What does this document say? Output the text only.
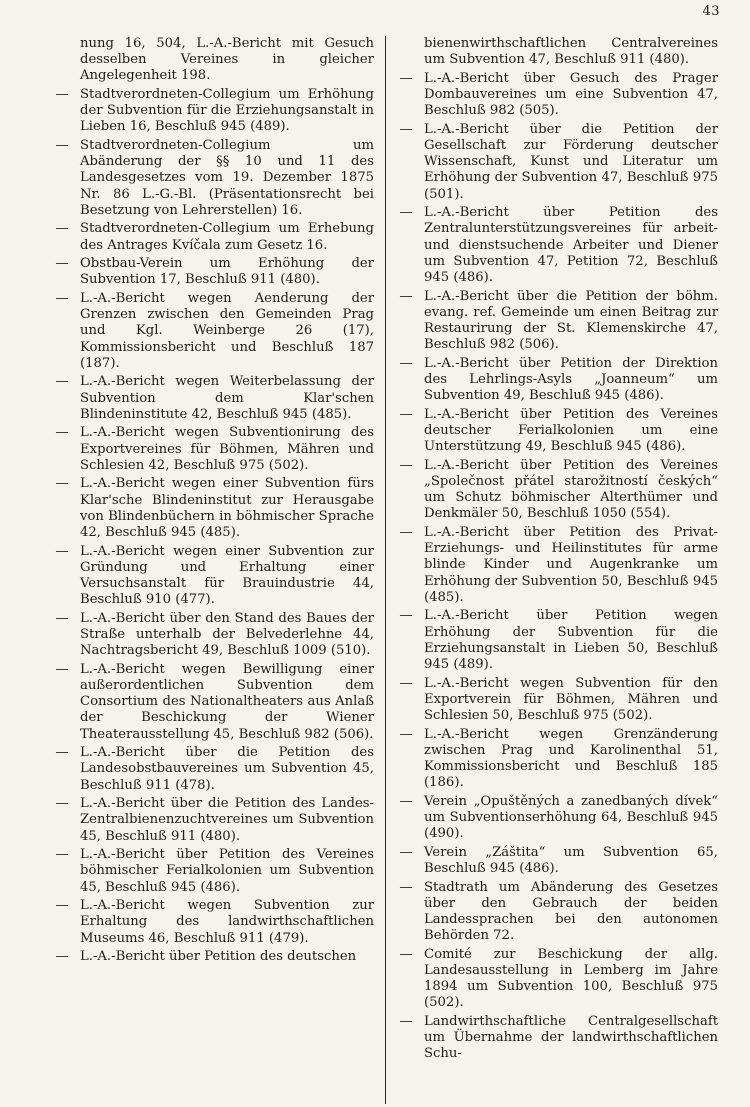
43

nung 16, 504, L.-A.-Bericht mit Gesuch desselben Vereines in gleicher Angelegenheit 198.

— Stadtverordneten-Collegium um Erhöhung der Subvention für die Erziehungsanstalt in Lieben 16, Beschluß 945 (489).

— Stadtverordneten-Collegium um Abänderung der §§ 10 und 11 des Landesgesetzes vom 19. Dezember 1875 Nr. 86 L.-G.-Bl. (Präsentationsrecht bei Besetzung von Lehrerstellen) 16.

— Stadtverordneten-Collegium um Erhebung des Antrages Kvíčala zum Gesetz 16.

— Obstbau-Verein um Erhöhung der Subvention 17, Beschluß 911 (480).

— L.-A.-Bericht wegen Aenderung der Grenzen zwischen den Gemeinden Prag und Kgl. Weinberge 26 (17), Kommissionsbericht und Beschluß 187 (187).

— L.-A.-Bericht wegen Weiterbelassung der Subvention dem Klar'schen Blindeninstitute 42, Beschluß 945 (485).

— L.-A.-Bericht wegen Subventionirung des Exportvereines für Böhmen, Mähren und Schlesien 42, Beschluß 975 (502).

— L.-A.-Bericht wegen einer Subvention fürs Klar'sche Blindeninstitut zur Herausgabe von Blindenbüchern in böhmischer Sprache 42, Beschluß 945 (485).

— L.-A.-Bericht wegen einer Subvention zur Gründung und Erhaltung einer Versuchsanstalt für Brauindustrie 44, Beschluß 910 (477).

— L.-A.-Bericht über den Stand des Baues der Straße unterhalb der Belvederlehne 44, Nachtragsbericht 49, Beschluß 1009 (510).

— L.-A.-Bericht wegen Bewilligung einer außerordentlichen Subvention dem Consortium des Nationaltheaters aus Anlaß der Beschickung der Wiener Theaterausstellung 45, Beschluß 982 (506).

— L.-A.-Bericht über die Petition des Landesobstbauvereines um Subvention 45, Beschluß 911 (478).

— L.-A.-Bericht über die Petition des Landes-Zentralbienenzuchtvereines um Subvention 45, Beschluß 911 (480).

— L.-A.-Bericht über Petition des Vereines böhmischer Ferialkolonien um Subvention 45, Beschluß 945 (486).

— L.-A.-Bericht wegen Subvention zur Erhaltung des landwirthschaftlichen Museums 46, Beschluß 911 (479).

— L.-A.-Bericht über Petition des deutschen

bienenwirthschaftlichen Centralvereines um Subvention 47, Beschluß 911 (480).

— L.-A.-Bericht über Gesuch des Prager Dombauvereines um eine Subvention 47, Beschluß 982 (505).

— L.-A.-Bericht über die Petition der Gesellschaft zur Förderung deutscher Wissenschaft, Kunst und Literatur um Erhöhung der Subvention 47, Beschluß 975 (501).

— L.-A.-Bericht über Petition des Zentralunterstützungsvereines für arbeit- und dienstsuchende Arbeiter und Diener um Subvention 47, Petition 72, Beschluß 945 (486).

— L.-A.-Bericht über die Petition der böhm. evang. ref. Gemeinde um einen Beitrag zur Restaurirung der St. Klemenskirche 47, Beschluß 982 (506).

— L.-A.-Bericht über Petition der Direktion des Lehrlings-Asyls „Joanneum“ um Subvention 49, Beschluß 945 (486).

— L.-A.-Bericht über Petition des Vereines deutscher Ferialkolonien um eine Unterstützung 49, Beschluß 945 (486).

— L.-A.-Bericht über Petition des Vereines „Společnost přátel starožitností českých“ um Schutz böhmischer Alterthümer und Denkmäler 50, Beschluß 1050 (554).

— L.-A.-Bericht über Petition des Privat-Erziehungs- und Heilinstitutes für arme blinde Kinder und Augenkranke um Erhöhung der Subvention 50, Beschluß 945 (485).

— L.-A.-Bericht über Petition wegen Erhöhung der Subvention für die Erziehungsanstalt in Lieben 50, Beschluß 945 (489).

— L.-A.-Bericht wegen Subvention für den Exportverein für Böhmen, Mähren und Schlesien 50, Beschluß 975 (502).

— L.-A.-Bericht wegen Grenzänderung zwischen Prag und Karolinenthal 51, Kommissionsbericht und Beschluß 185 (186).

— Verein „Opuštěných a zanedbaných dívek“ um Subventionserhöhung 64, Beschluß 945 (490).

— Verein „Záštita“ um Subvention 65, Beschluß 945 (486).

— Stadtrath um Abänderung des Gesetzes über den Gebrauch der beiden Landessprachen bei den autonomen Behörden 72.

— Comité zur Beschickung der allg. Landesausstellung in Lemberg im Jahre 1894 um Subvention 100, Beschluß 975 (502).

— Landwirthschaftliche Centralgesellschaft um Übernahme der landwirthschaftlichen Schu-
